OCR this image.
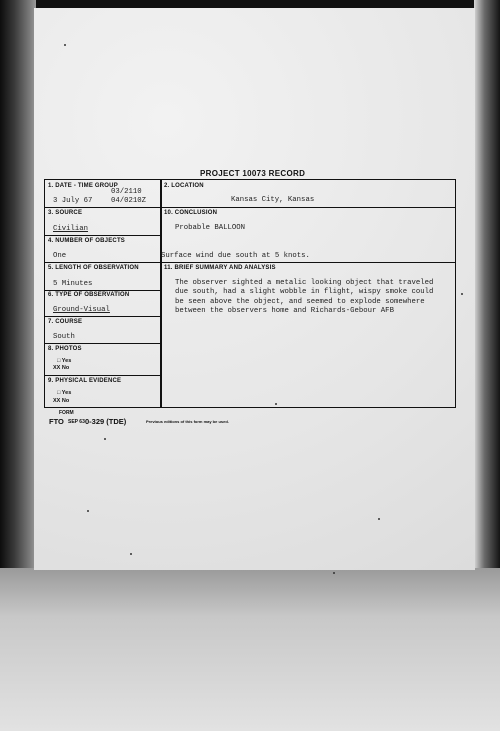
PROJECT 10073 RECORD
1. DATE - TIME GROUP
03/2110
3 July 67	04/0210Z
2. LOCATION
Kansas City, Kansas
3. SOURCE
Civilian
10. CONCLUSION
Probable BALLOON
Surface wind due south at 5 knots.
4. NUMBER OF OBJECTS
One
5. LENGTH OF OBSERVATION
5 Minutes
11. BRIEF SUMMARY AND ANALYSIS
The observer sighted a metalic looking object that traveled
due south, had a slight wobble in flight, wispy smoke could
be seen above the object, and seemed to explode somewhere
between the observers home and Richards-Gebour AFB
6. TYPE OF OBSERVATION
Ground-Visual
7. COURSE
South
8. PHOTOS
□ Yes
XX No
9. PHYSICAL EVIDENCE
□ Yes
XX No
FORM
FTO SEP 63 0-329 (TDE)	Previous editions of this form may be used.
